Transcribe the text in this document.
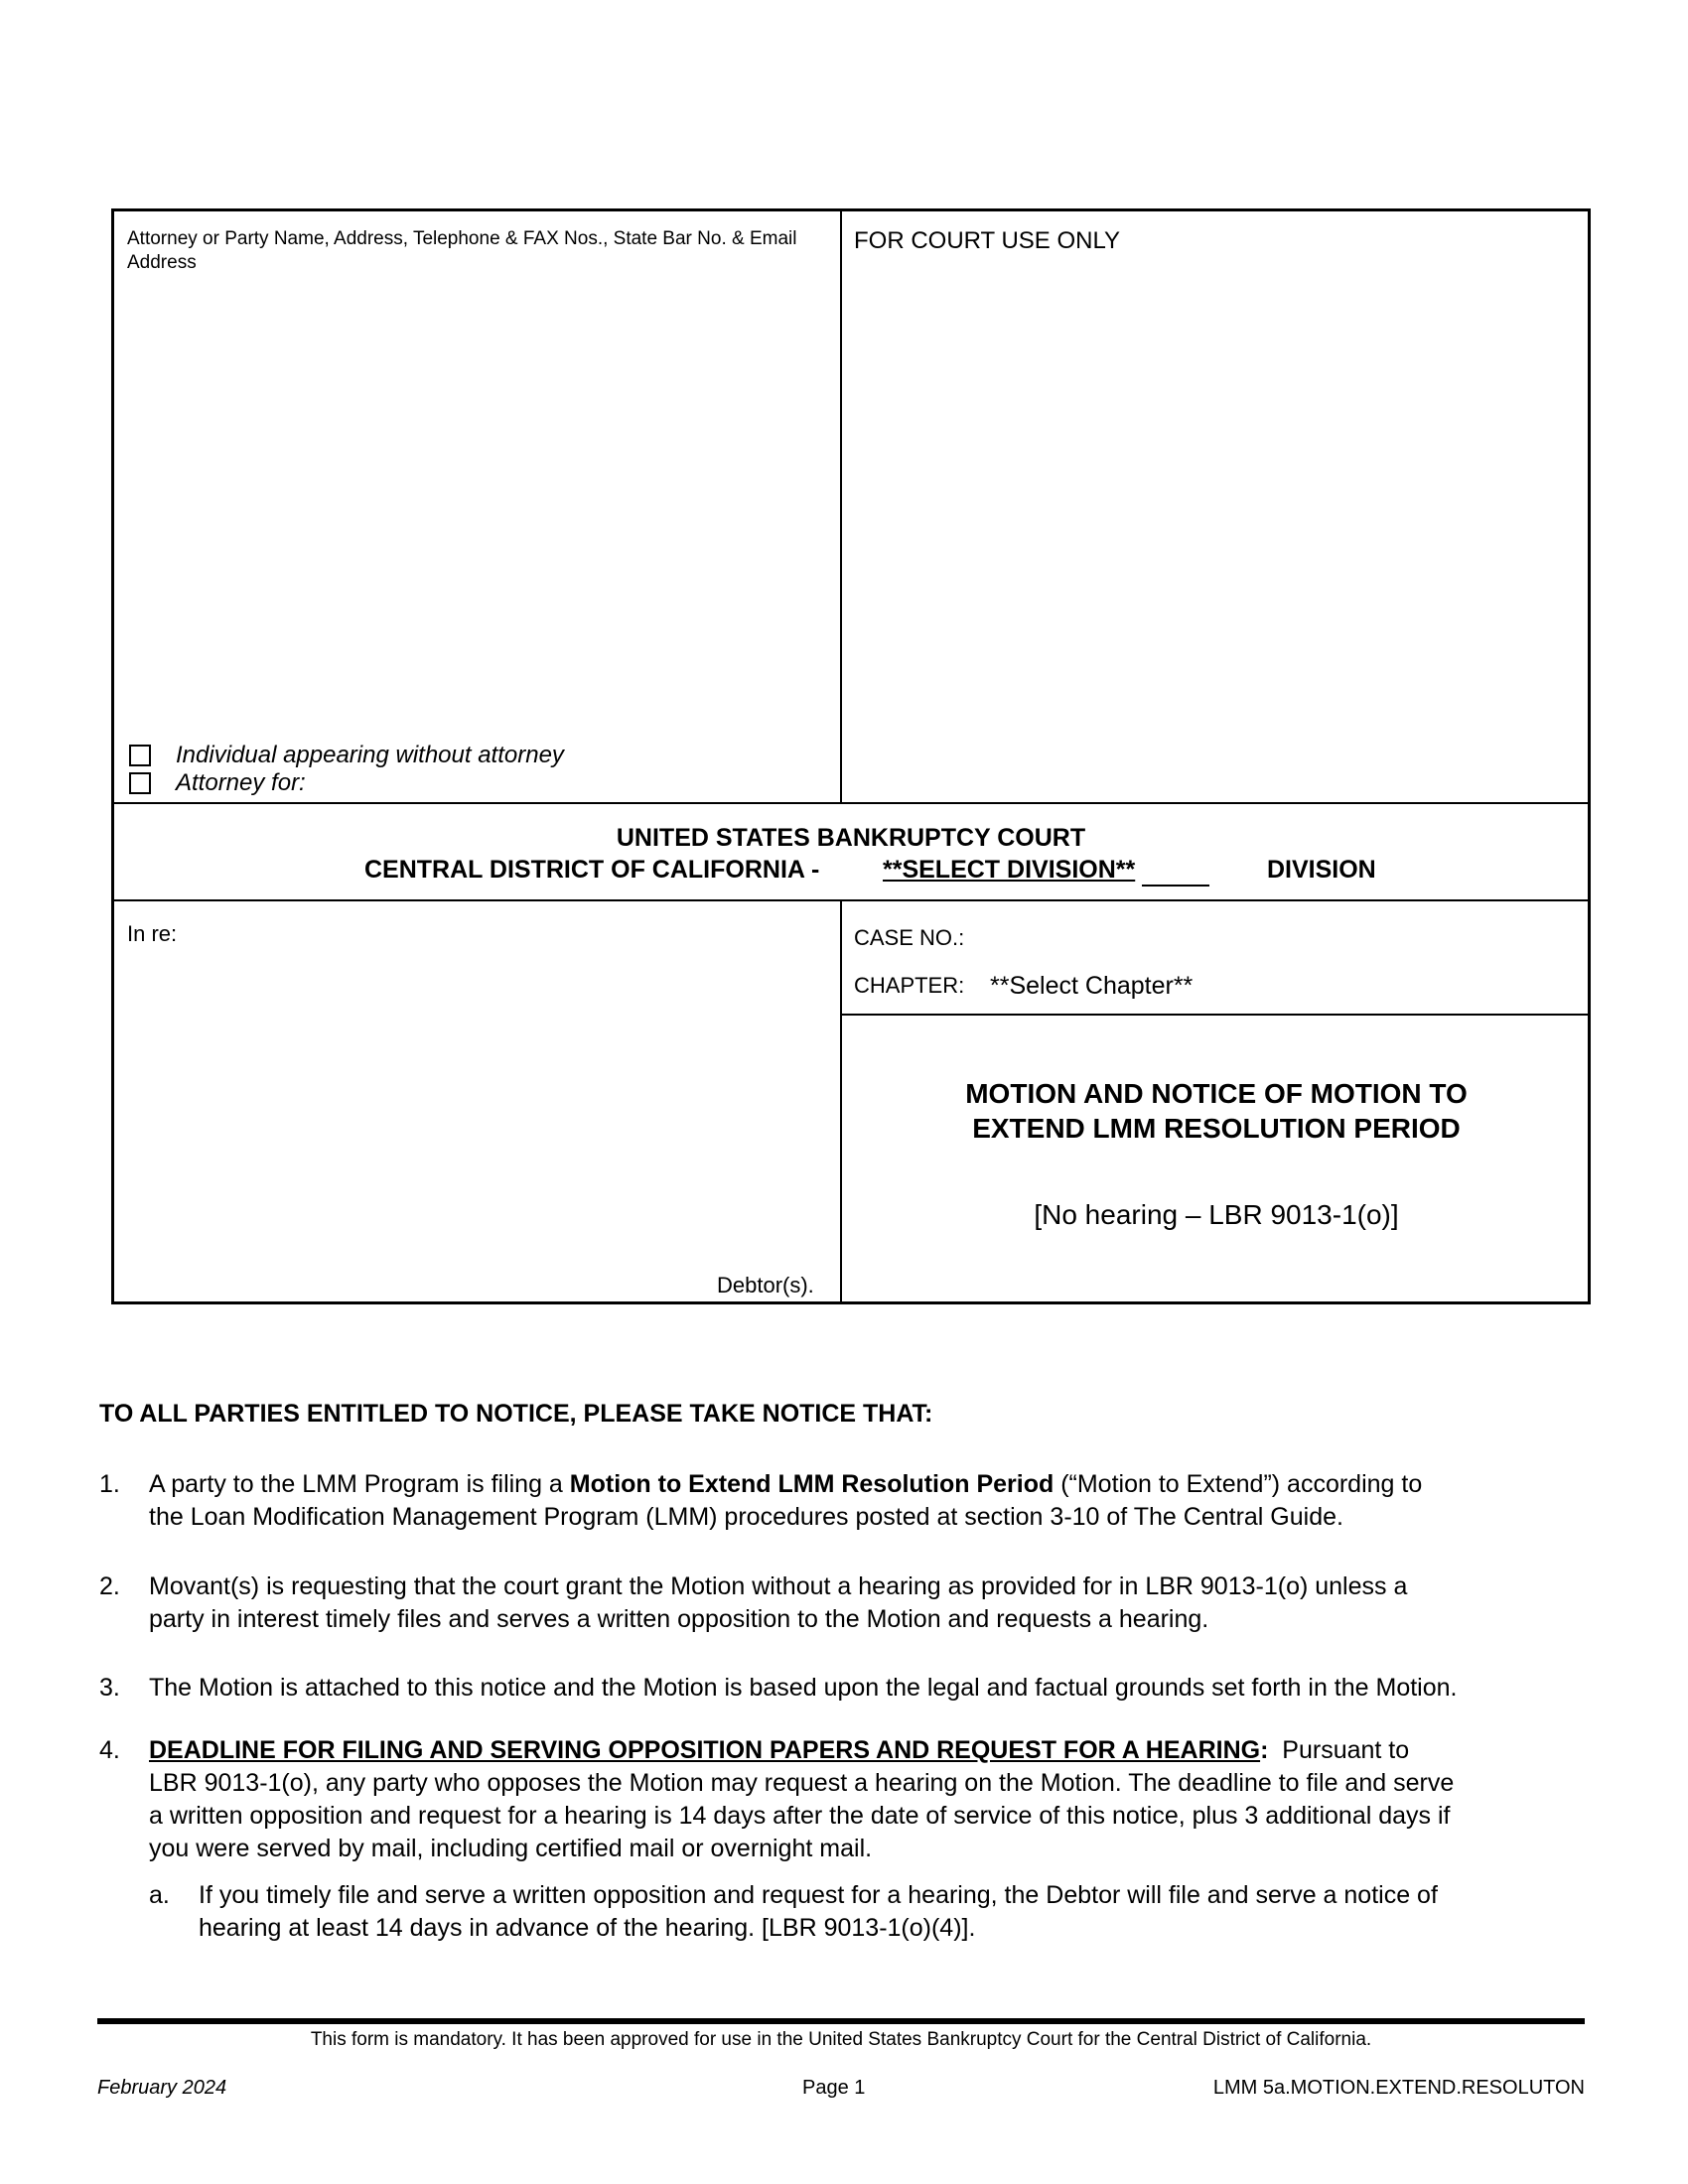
Attorney or Party Name, Address, Telephone & FAX Nos., State Bar No. & Email Address
FOR COURT USE ONLY
Individual appearing without attorney
Attorney for:
UNITED STATES BANKRUPTCY COURT
CENTRAL DISTRICT OF CALIFORNIA -	**SELECT DIVISION**	DIVISION
In re:
Debtor(s).
CASE NO.:
CHAPTER: **Select Chapter**
MOTION AND NOTICE OF MOTION TO
EXTEND LMM RESOLUTION PERIOD
[No hearing – LBR 9013-1(o)]
TO ALL PARTIES ENTITLED TO NOTICE, PLEASE TAKE NOTICE THAT:
1. A party to the LMM Program is filing a Motion to Extend LMM Resolution Period (“Motion to Extend”) according to
the Loan Modification Management Program (LMM) procedures posted at section 3-10 of The Central Guide.
2. Movant(s) is requesting that the court grant the Motion without a hearing as provided for in LBR 9013-1(o) unless a
party in interest timely files and serves a written opposition to the Motion and requests a hearing.
3. The Motion is attached to this notice and the Motion is based upon the legal and factual grounds set forth in the Motion.
4. DEADLINE FOR FILING AND SERVING OPPOSITION PAPERS AND REQUEST FOR A HEARING:  Pursuant to
LBR 9013-1(o), any party who opposes the Motion may request a hearing on the Motion. The deadline to file and serve
a written opposition and request for a hearing is 14 days after the date of service of this notice, plus 3 additional days if
you were served by mail, including certified mail or overnight mail.
a. If you timely file and serve a written opposition and request for a hearing, the Debtor will file and serve a notice of
hearing at least 14 days in advance of the hearing. [LBR 9013-1(o)(4)].
This form is mandatory. It has been approved for use in the United States Bankruptcy Court for the Central District of California.
February 2024	Page 1	LMM 5a.MOTION.EXTEND.RESOLUTON
